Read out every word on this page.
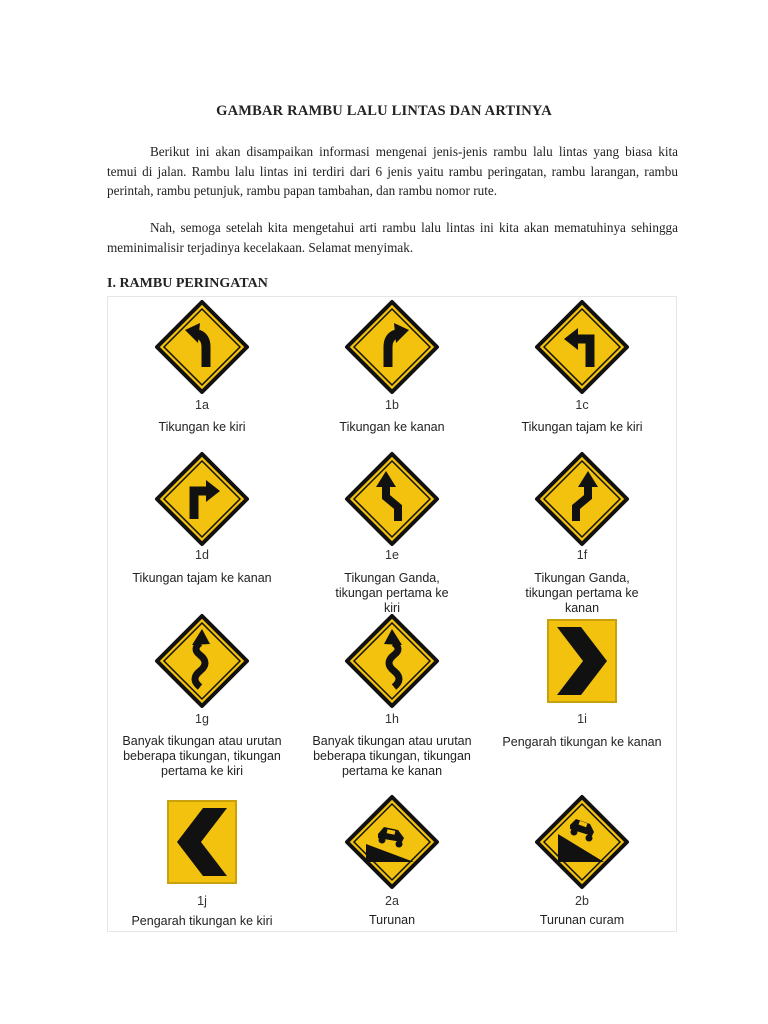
GAMBAR RAMBU LALU LINTAS DAN ARTINYA
Berikut ini akan disampaikan informasi mengenai jenis-jenis rambu lalu lintas yang biasa kita temui di jalan. Rambu lalu lintas ini terdiri dari 6 jenis yaitu rambu peringatan, rambu larangan, rambu perintah, rambu petunjuk, rambu papan tambahan, dan rambu nomor rute.
Nah, semoga setelah kita mengetahui arti rambu lalu lintas ini kita akan mematuhinya sehingga meminimalisir terjadinya kecelakaan. Selamat menyimak.
I. RAMBU PERINGATAN
1a
Tikungan ke kiri
1b
Tikungan ke kanan
1c
Tikungan tajam ke kiri
1d
Tikungan tajam ke kanan
1e
Tikungan Ganda, tikungan pertama ke kiri
1f
Tikungan Ganda, tikungan pertama ke kanan
1g
Banyak tikungan atau urutan beberapa tikungan, tikungan pertama ke kiri
1h
Banyak tikungan atau urutan beberapa tikungan, tikungan pertama ke kanan
1i
Pengarah tikungan ke kanan
1j
Pengarah tikungan ke kiri
2a
Turunan
2b
Turunan curam
